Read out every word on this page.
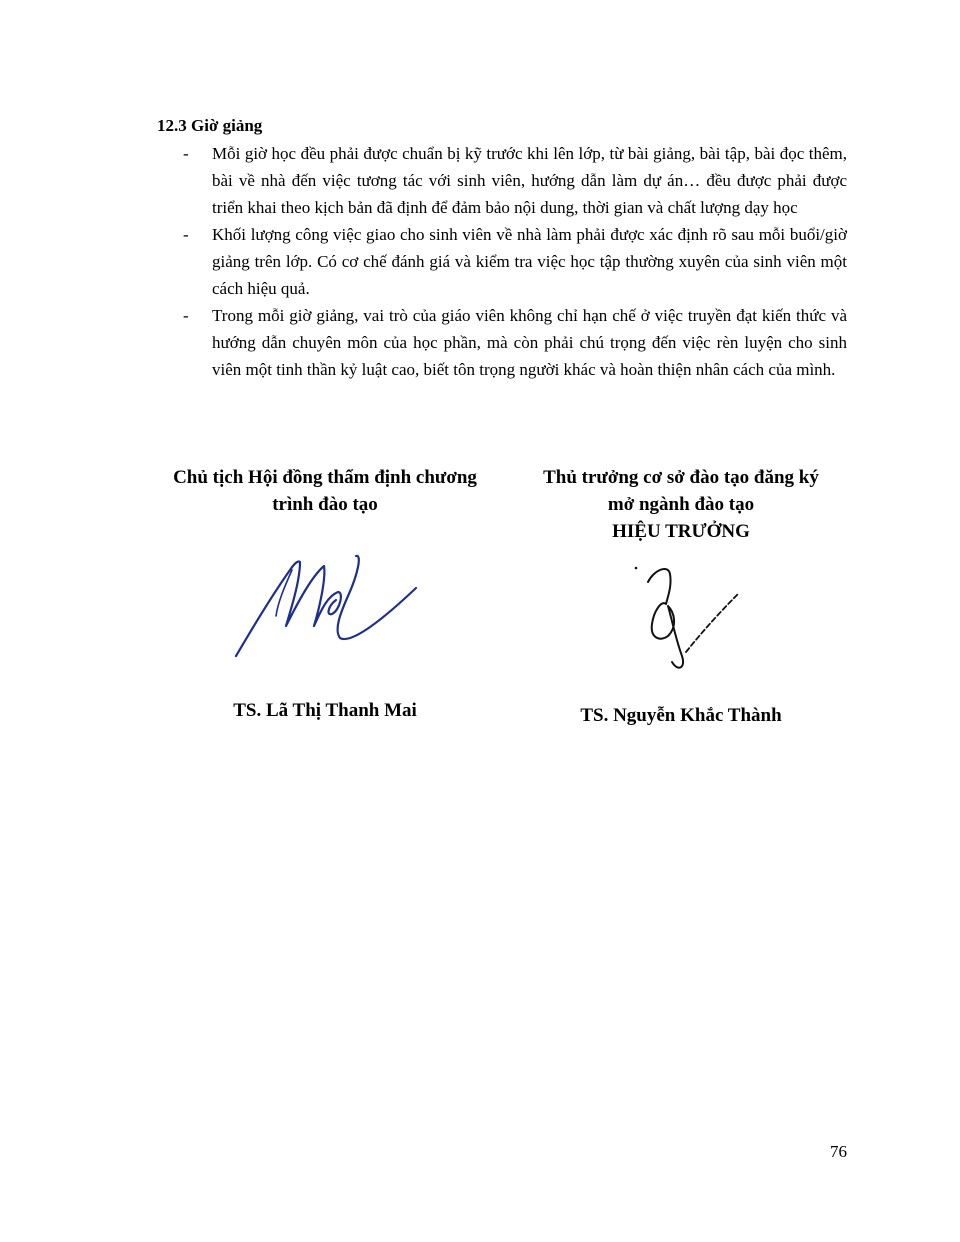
12.3 Giờ giảng
- Mỗi giờ học đều phải được chuẩn bị kỹ trước khi lên lớp, từ bài giảng, bài tập, bài đọc thêm, bài về nhà đến việc tương tác với sinh viên, hướng dẫn làm dự án… đều được phải được triển khai theo kịch bản đã định để đảm bảo nội dung, thời gian và chất lượng dạy học
- Khối lượng công việc giao cho sinh viên về nhà làm phải được xác định rõ sau mỗi buổi/giờ giảng trên lớp. Có cơ chế đánh giá và kiểm tra việc học tập thường xuyên của sinh viên một cách hiệu quả.
- Trong mỗi giờ giảng, vai trò của giáo viên không chỉ hạn chế ở việc truyền đạt kiến thức và hướng dẫn chuyên môn của học phần, mà còn phải chú trọng đến việc rèn luyện cho sinh viên một tinh thần kỷ luật cao, biết tôn trọng người khác và hoàn thiện nhân cách của mình.
Chủ tịch Hội đồng thẩm định chương
trình đào tạo
Thủ trưởng cơ sở đào tạo đăng ký
mở ngành đào tạo
HIỆU TRƯỞNG
TS. Lã Thị Thanh Mai	TS. Nguyễn Khắc Thành
76
